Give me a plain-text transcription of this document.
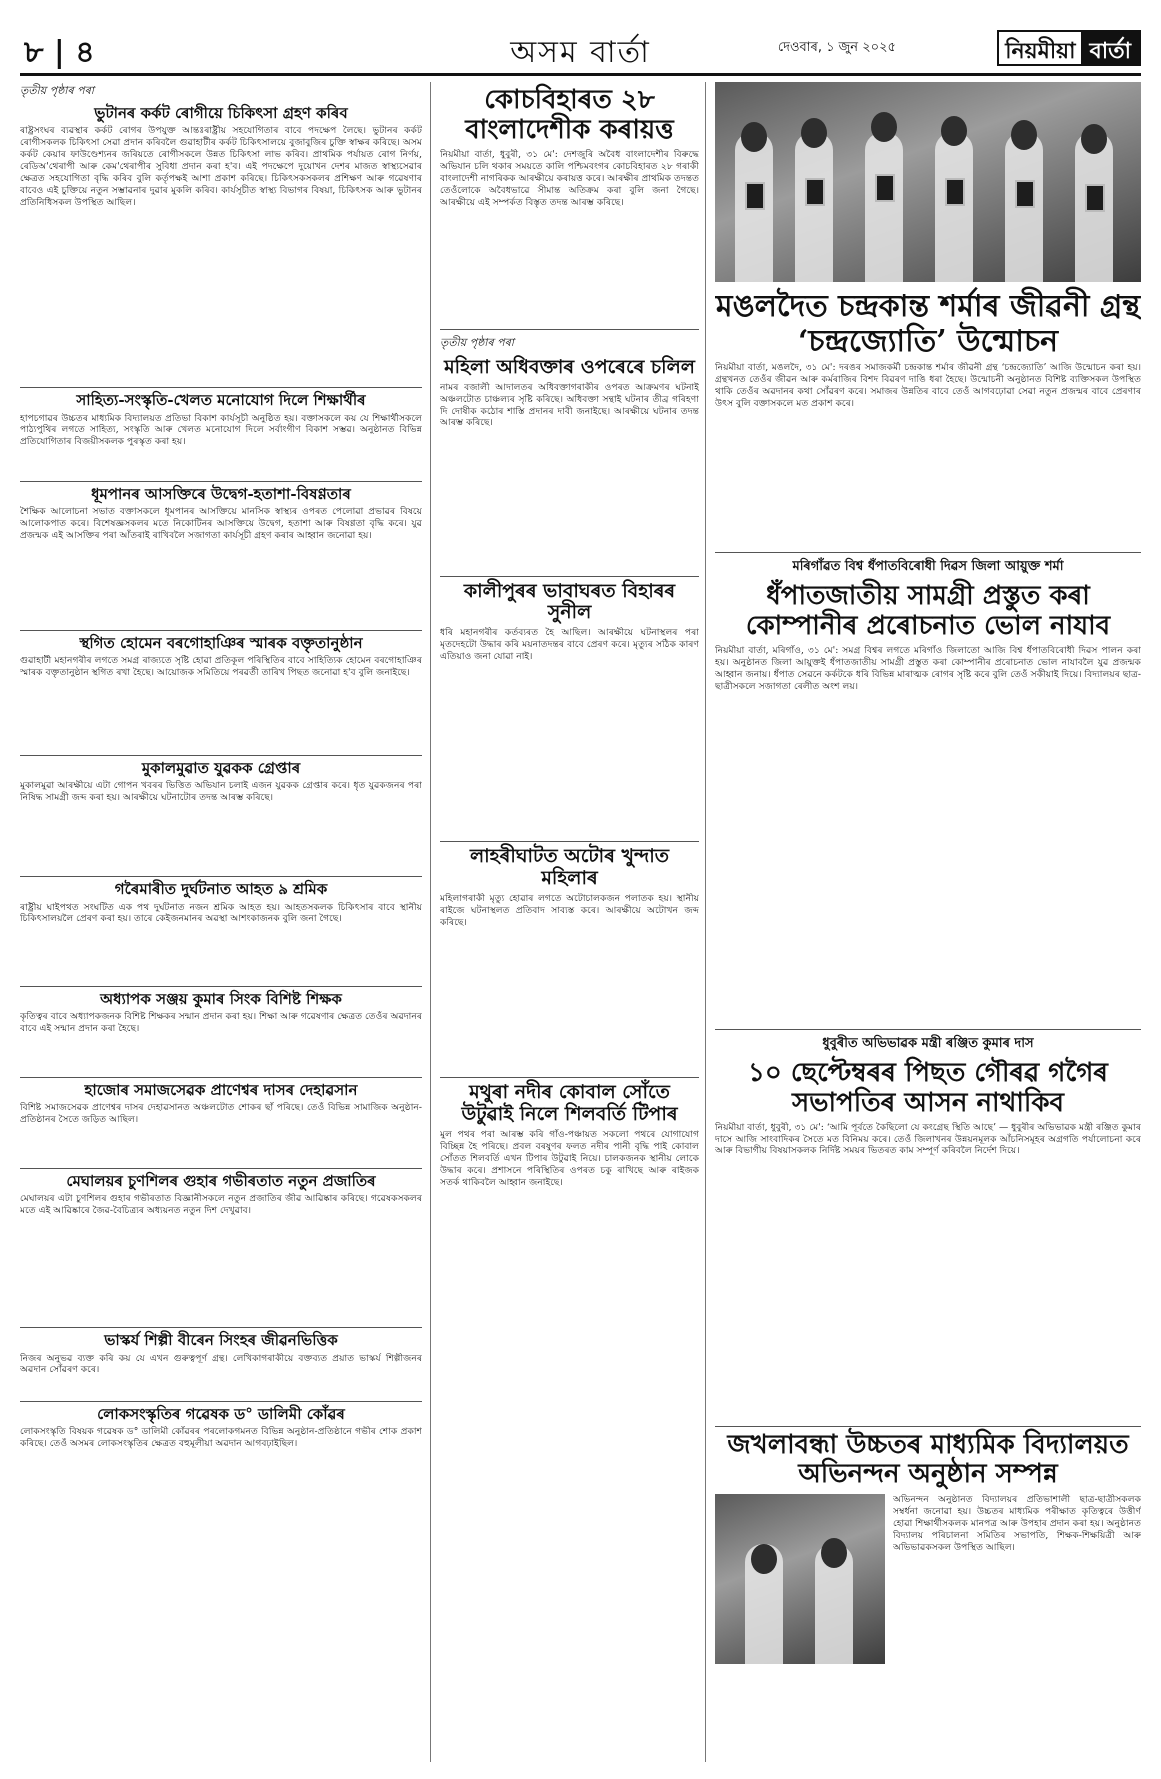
৮ | ৪	অসম বাৰ্তা	দেওবাৰ, ১ জুন ২০২৫	নিয়মীয়া বাৰ্তা
তৃতীয় পৃষ্ঠাৰ পৰা
ভুটানৰ কৰ্কট ৰোগীয়ে চিকিৎসা গ্ৰহণ কৰিব
ৰাষ্ট্ৰসংঘৰ ব্যৱস্থাৰ কৰ্কট ৰোগৰ উপযুক্ত আন্তঃৰাষ্ট্ৰীয় সহযোগিতাৰ বাবে পদক্ষেপ লৈছে। ভুটানৰ কৰ্কট ৰোগীসকলক চিকিৎসা সেৱা প্ৰদান কৰিবলৈ গুৱাহাটীৰ কৰ্কট চিকিৎসালয়ে বুজাবুজিৰ চুক্তি স্বাক্ষৰ কৰিছে। অসম কৰ্কট কেয়াৰ ফাউণ্ডেশ্যনৰ জৰিয়তে ৰোগীসকলে উন্নত চিকিৎসা লাভ কৰিব। প্ৰাথমিক পৰ্যায়ত ৰোগ নিৰ্ণয়, ৰেডিঅ'থেৰাপী আৰু কেম'থেৰাপীৰ সুবিধা প্ৰদান কৰা হ'ব। এই পদক্ষেপে দুয়োখন দেশৰ মাজত স্বাস্থ্যসেৱাৰ ক্ষেত্ৰত সহযোগিতা বৃদ্ধি কৰিব বুলি কৰ্তৃপক্ষই আশা প্ৰকাশ কৰিছে। চিকিৎসকসকলৰ প্ৰশিক্ষণ আৰু গৱেষণাৰ বাবেও এই চুক্তিয়ে নতুন সম্ভাৱনাৰ দুৱাৰ মুকলি কৰিব। কাৰ্যসূচীত স্বাস্থ্য বিভাগৰ বিষয়া, চিকিৎসক আৰু ভুটানৰ প্ৰতিনিধিসকল উপস্থিত আছিল।
সাহিত্য-সংস্কৃতি-খেলত মনোযোগ দিলে শিক্ষাৰ্থীৰ
হাপচগাৱৰ উচ্চতৰ মাধ্যমিক বিদ্যালয়ত প্ৰতিভা বিকাশ কাৰ্যসূচী অনুষ্ঠিত হয়। বক্তাসকলে কয় যে শিক্ষাৰ্থীসকলে পাঠ্যপুথিৰ লগতে সাহিত্য, সংস্কৃতি আৰু খেলত মনোযোগ দিলে সৰ্বাংগীণ বিকাশ সম্ভৱ। অনুষ্ঠানত বিভিন্ন প্ৰতিযোগিতাৰ বিজয়ীসকলক পুৰস্কৃত কৰা হয়।
ধূমপানৰ আসক্তিৰে উদ্বেগ-হতাশা-বিষণ্ণতাৰ
শৈক্ষিক আলোচনা সভাত বক্তাসকলে ধূমপানৰ আসক্তিয়ে মানসিক স্বাস্থ্যৰ ওপৰত পেলোৱা প্ৰভাৱৰ বিষয়ে আলোকপাত কৰে। বিশেষজ্ঞসকলৰ মতে নিকোটিনৰ আসক্তিয়ে উদ্বেগ, হতাশা আৰু বিষণ্ণতা বৃদ্ধি কৰে। যুৱ প্ৰজন্মক এই আসক্তিৰ পৰা আঁতৰাই ৰাখিবলৈ সজাগতা কাৰ্যসূচী গ্ৰহণ কৰাৰ আহ্বান জনোৱা হয়।
স্থগিত হোমেন বৰগোহাঞিৰ স্মাৰক বক্তৃতানুষ্ঠান
গুৱাহাটী মহানগৰীৰ লগতে সমগ্ৰ ৰাজ্যতে সৃষ্টি হোৱা প্ৰতিকূল পৰিস্থিতিৰ বাবে সাহিত্যিক হোমেন বৰগোহাঞিৰ স্মাৰক বক্তৃতানুষ্ঠান স্থগিত ৰখা হৈছে। আয়োজক সমিতিয়ে পৰৱৰ্তী তাৰিখ পিছত জনোৱা হ'ব বুলি জনাইছে।
মুকালমুৱাত যুৱকক গ্ৰেপ্তাৰ
মুকালমুৱা আৰক্ষীয়ে এটা গোপন খবৰৰ ভিত্তিত অভিযান চলাই এজন যুৱকক গ্ৰেপ্তাৰ কৰে। ধৃত যুৱকজনৰ পৰা নিষিদ্ধ সামগ্ৰী জব্দ কৰা হয়। আৰক্ষীয়ে ঘটনাটোৰ তদন্ত আৰম্ভ কৰিছে।
গৰৈমাৰীত দুৰ্ঘটনাত আহত ৯ শ্ৰমিক
ৰাষ্ট্ৰীয় ঘাইপথত সংঘটিত এক পথ দুৰ্ঘটনাত নজন শ্ৰমিক আহত হয়। আহতসকলক চিকিৎসাৰ বাবে স্থানীয় চিকিৎসালয়লৈ প্ৰেৰণ কৰা হয়। তাৰে কেইজনমানৰ অৱস্থা আশংকাজনক বুলি জনা গৈছে।
অধ্যাপক সঞ্জয় কুমাৰ সিংক বিশিষ্ট শিক্ষক
কৃতিত্বৰ বাবে অধ্যাপকজনক বিশিষ্ট শিক্ষকৰ সন্মান প্ৰদান কৰা হয়। শিক্ষা আৰু গৱেষণাৰ ক্ষেত্ৰত তেওঁৰ অৱদানৰ বাবে এই সন্মান প্ৰদান কৰা হৈছে।
হাজোৰ সমাজসেৱক প্ৰাণেশ্বৰ দাসৰ দেহাৱসান
বিশিষ্ট সমাজসেৱক প্ৰাণেশ্বৰ দাসৰ দেহাৱসানত অঞ্চলটোত শোকৰ ছাঁ পৰিছে। তেওঁ বিভিন্ন সামাজিক অনুষ্ঠান-প্ৰতিষ্ঠানৰ সৈতে জড়িত আছিল।
মেঘালয়ৰ চুণশিলৰ গুহাৰ গভীৰতাত নতুন প্ৰজাতিৰ
মেঘালয়ৰ এটা চুণশিলৰ গুহাৰ গভীৰতাত বিজ্ঞানীসকলে নতুন প্ৰজাতিৰ জীৱ আৱিষ্কাৰ কৰিছে। গৱেষকসকলৰ মতে এই আৱিষ্কাৰে জৈৱ-বৈচিত্ৰ্যৰ অধ্যয়নত নতুন দিশ দেখুৱাব।
ভাস্কৰ্য শিল্পী বীৰেন সিংহৰ জীৱনভিত্তিক
নিজৰ অনুভৱ ব্যক্ত কৰি কয় যে এখন গুৰুত্বপূৰ্ণ গ্ৰন্থ। লেখিকাগৰাকীয়ে বক্তব্যত প্ৰয়াত ভাস্কৰ্য শিল্পীজনৰ অৱদান সোঁৱৰণ কৰে।
লোকসংস্কৃতিৰ গৱেষক ড° ডালিমী কোঁৱৰ
লোকসংস্কৃতি বিষয়ক গৱেষক ড° ডালিমী কোঁৱৰৰ পৰলোকগমনত বিভিন্ন অনুষ্ঠান-প্ৰতিষ্ঠানে গভীৰ শোক প্ৰকাশ কৰিছে। তেওঁ অসমৰ লোকসংস্কৃতিৰ ক্ষেত্ৰত বহুমূলীয়া অৱদান আগবঢ়াইছিল।
কোচবিহাৰত ২৮ বাংলাদেশীক কৰায়ত্ত
নিয়মীয়া বাৰ্তা, ধুবুৰী, ৩১ মে': দেশজুৰি অবৈধ বাংলাদেশীৰ বিৰুদ্ধে অভিযান চলি থকাৰ সময়তে কালি পশ্চিমবংগৰ কোচবিহাৰত ২৮ গৰাকী বাংলাদেশী নাগৰিকক আৰক্ষীয়ে কৰায়ত্ত কৰে। আৰক্ষীৰ প্ৰাথমিক তদন্তত তেওঁলোকে অবৈধভাৱে সীমান্ত অতিক্ৰম কৰা বুলি জনা গৈছে। আৰক্ষীয়ে এই সম্পৰ্কত বিস্তৃত তদন্ত আৰম্ভ কৰিছে।
তৃতীয় পৃষ্ঠাৰ পৰা
মহিলা অধিবক্তাৰ ওপৰেৰে চলিল
নামৰ বজালী আদালতৰ অধিবক্তাগৰাকীৰ ওপৰত আক্ৰমণৰ ঘটনাই অঞ্চলটোত চাঞ্চল্যৰ সৃষ্টি কৰিছে। অধিবক্তা সন্থাই ঘটনাৰ তীব্ৰ গৰিহণা দি দোষীক কঠোৰ শাস্তি প্ৰদানৰ দাবী জনাইছে। আৰক্ষীয়ে ঘটনাৰ তদন্ত আৰম্ভ কৰিছে।
কালীপুৰৰ ভাবাঘৰত বিহাৰৰ সুনীল
ধৰি মহানগৰীৰ কৰ্তব্যৰত হৈ আছিল। আৰক্ষীয়ে ঘটনাস্থলৰ পৰা মৃতদেহটো উদ্ধাৰ কৰি ময়নাতদন্তৰ বাবে প্ৰেৰণ কৰে। মৃত্যুৰ সঠিক কাৰণ এতিয়াও জনা যোৱা নাই।
লাহৰীঘাটত অটোৰ খুন্দাত মহিলাৰ
মহিলাগৰাকী মৃত্যু হোৱাৰ লগতে অটোচালকজন পলাতক হয়। স্থানীয় ৰাইজে ঘটনাস্থলত প্ৰতিবাদ সাব্যস্ত কৰে। আৰক্ষীয়ে অটোখন জব্দ কৰিছে।
মথুৰা নদীৰ কোবাল সোঁতে উটুৱাই নিলে শিলবৰ্তি টিপাৰ
মুল পথৰ পৰা আৰম্ভ কৰি গাঁও-পঞ্চায়ত সকলো পথৰে যোগাযোগ বিচ্ছিন্ন হৈ পৰিছে। প্ৰবল বৰষুণৰ ফলত নদীৰ পানী বৃদ্ধি পাই কোবাল সোঁতত শিলবৰ্তি এখন টিপাৰ উটুৱাই নিয়ে। চালকজনক স্থানীয় লোকে উদ্ধাৰ কৰে। প্ৰশাসনে পৰিস্থিতিৰ ওপৰত চকু ৰাখিছে আৰু ৰাইজক সতৰ্ক থাকিবলৈ আহ্বান জনাইছে।
মঙলদৈত চন্দ্ৰকান্ত শৰ্মাৰ জীৱনী গ্ৰন্থ ‘চন্দ্ৰজ্যোতি’ উন্মোচন
নিয়মীয়া বাৰ্তা, মঙলদৈ, ৩১ মে': দৰঙৰ সমাজকৰ্মী চন্দ্ৰকান্ত শৰ্মাৰ জীৱনী গ্ৰন্থ ‘চন্দ্ৰজ্যোতি’ আজি উন্মোচন কৰা হয়। গ্ৰন্থখনত তেওঁৰ জীৱন আৰু কৰ্মৰাজিৰ বিশদ বিৱৰণ দাঙি ধৰা হৈছে। উন্মোচনী অনুষ্ঠানত বিশিষ্ট ব্যক্তিসকল উপস্থিত থাকি তেওঁৰ অৱদানৰ কথা সোঁৱৰণ কৰে। সমাজৰ উন্নতিৰ বাবে তেওঁ আগবঢ়োৱা সেৱা নতুন প্ৰজন্মৰ বাবে প্ৰেৰণাৰ উৎস বুলি বক্তাসকলে মত প্ৰকাশ কৰে।
মৰিগাঁৱত বিশ্ব ধঁপাতবিৰোধী দিৱস জিলা আয়ুক্ত শৰ্মা
ধঁপাতজাতীয় সামগ্ৰী প্ৰস্তুত কৰা কোম্পানীৰ প্ৰৰোচনাত ভোল নাযাব
নিয়মীয়া বাৰ্তা, মৰিগাঁও, ৩১ মে': সমগ্ৰ বিশ্বৰ লগতে মৰিগাঁও জিলাতো আজি বিশ্ব ধঁপাতবিৰোধী দিৱস পালন কৰা হয়। অনুষ্ঠানত জিলা আয়ুক্তই ধঁপাতজাতীয় সামগ্ৰী প্ৰস্তুত কৰা কোম্পানীৰ প্ৰৰোচনাত ভোল নাযাবলৈ যুৱ প্ৰজন্মক আহ্বান জনায়। ধঁপাত সেৱনে কৰ্কটকে ধৰি বিভিন্ন মাৰাত্মক ৰোগৰ সৃষ্টি কৰে বুলি তেওঁ সকীয়াই দিয়ে। বিদ্যালয়ৰ ছাত্ৰ-ছাত্ৰীসকলে সজাগতা ৰেলীত অংশ লয়।
ধুবুৰীত অভিভাৱক মন্ত্ৰী ৰঞ্জিত কুমাৰ দাস
১০ ছেপ্টেম্বৰৰ পিছত গৌৰৱ গগৈৰ সভাপতিৰ আসন নাথাকিব
নিয়মীয়া বাৰ্তা, ধুবুৰী, ৩১ মে': ‘আমি পূৰ্বতে কৈছিলো যে কংগ্ৰেছ স্থিতি আছে’ — ধুবুৰীৰ অভিভাৱক মন্ত্ৰী ৰঞ্জিত কুমাৰ দাসে আজি সাংবাদিকৰ সৈতে মত বিনিময় কৰে। তেওঁ জিলাখনৰ উন্নয়নমূলক আঁচনিসমূহৰ অগ্ৰগতি পৰ্যালোচনা কৰে আৰু বিভাগীয় বিষয়াসকলক নিৰ্দিষ্ট সময়ৰ ভিতৰত কাম সম্পূৰ্ণ কৰিবলৈ নিৰ্দেশ দিয়ে।
জখলাবন্ধা উচ্চতৰ মাধ্যমিক বিদ্যালয়ত অভিনন্দন অনুষ্ঠান সম্পন্ন
অভিনন্দন অনুষ্ঠানত বিদ্যালয়ৰ প্ৰতিভাশালী ছাত্ৰ-ছাত্ৰীসকলক সম্বৰ্ধনা জনোৱা হয়। উচ্চতৰ মাধ্যমিক পৰীক্ষাত কৃতিত্বৰে উত্তীৰ্ণ হোৱা শিক্ষাৰ্থীসকলক মানপত্ৰ আৰু উপহাৰ প্ৰদান কৰা হয়। অনুষ্ঠানত বিদ্যালয় পৰিচালনা সমিতিৰ সভাপতি, শিক্ষক-শিক্ষয়িত্ৰী আৰু অভিভাৱকসকল উপস্থিত আছিল।
